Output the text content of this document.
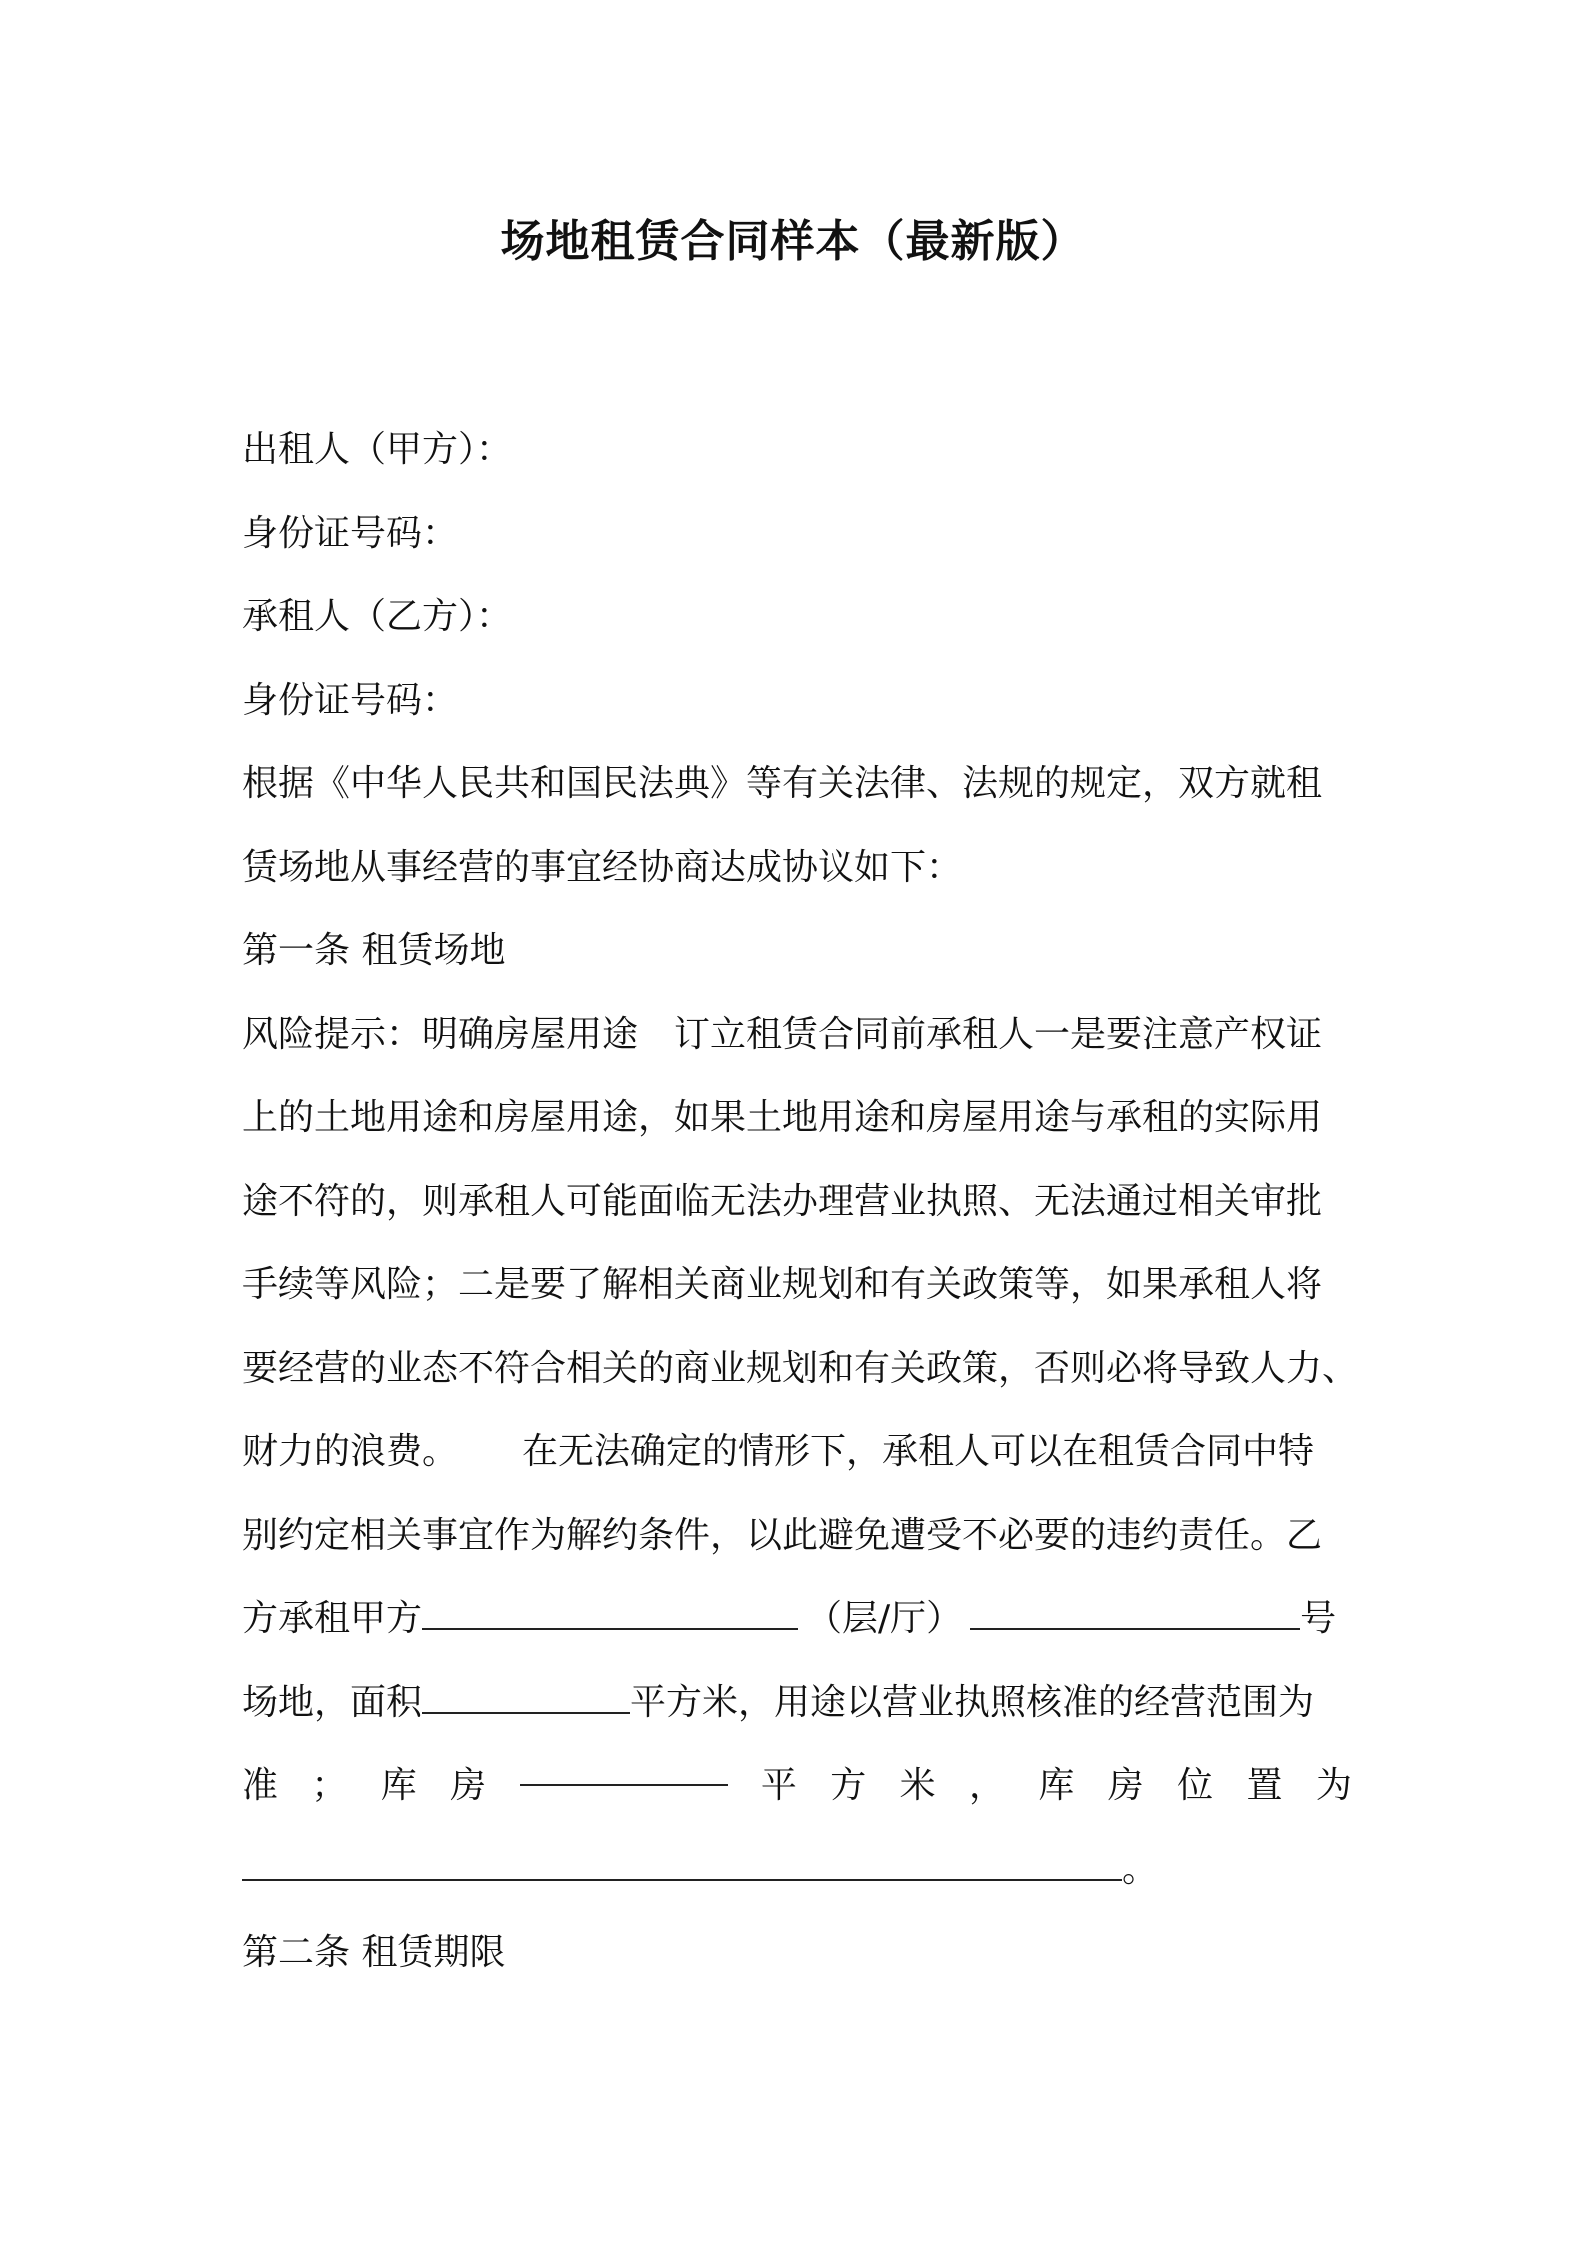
场地租赁合同样本（最新版）
出租人（甲方）：
身份证号码：
承租人（乙方）：
身份证号码：
根据《中华人民共和国民法典》等有关法律、法规的规定，双方就租
赁场地从事经营的事宜经协商达成协议如下：
第一条 租赁场地
风险提示：明确房屋用途 订立租赁合同前承租人一是要注意产权证
上的土地用途和房屋用途，如果土地用途和房屋用途与承租的实际用
途不符的，则承租人可能面临无法办理营业执照、无法通过相关审批
手续等风险；二是要了解相关商业规划和有关政策等，如果承租人将
要经营的业态不符合相关的商业规划和有关政策，否则必将导致人力、
财力的浪费。 在无法确定的情形下，承租人可以在租赁合同中特
别约定相关事宜作为解约条件，以此避免遭受不必要的违约责任。乙
方承租甲方	（层/厅）	号
场地，面积	平方米，用途以营业执照核准的经营范围为
准 ； 库 房	平 方 米 ， 库 房 位 置 为
。
第二条 租赁期限
